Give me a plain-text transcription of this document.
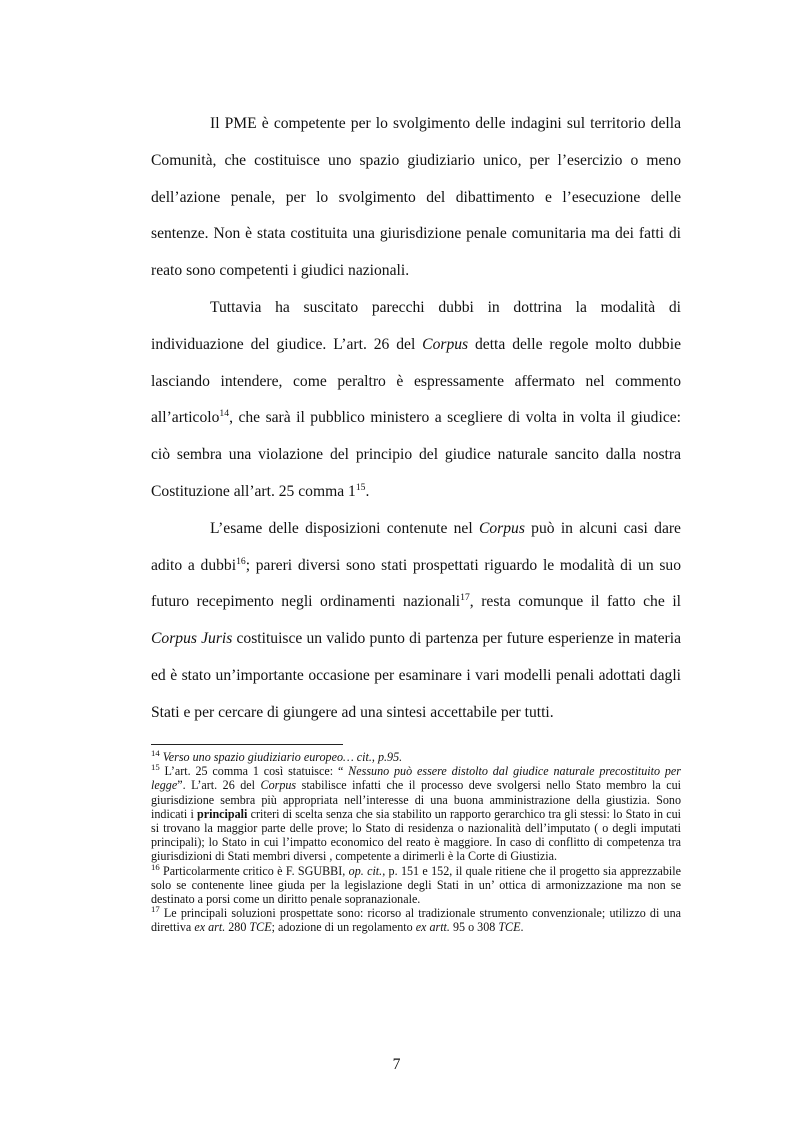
Il PME è competente per lo svolgimento delle indagini sul territorio della Comunità, che costituisce uno spazio giudiziario unico, per l’esercizio o meno dell’azione penale, per lo svolgimento del dibattimento e l’esecuzione delle sentenze. Non è stata costituita una giurisdizione penale comunitaria ma dei fatti di reato sono competenti i giudici nazionali.

Tuttavia ha suscitato parecchi dubbi in dottrina la modalità di individuazione del giudice. L’art. 26 del Corpus detta delle regole molto dubbie lasciando intendere, come peraltro è espressamente affermato nel commento all’articolo$^{14}$, che sarà il pubblico ministero a scegliere di volta in volta il giudice: ciò sembra una violazione del principio del giudice naturale sancito dalla nostra Costituzione all’art. 25 comma $1^{15}$.

L’esame delle disposizioni contenute nel Corpus può in alcuni casi dare adito a dubbi$^{16}$; pareri diversi sono stati prospettati riguardo le modalità di un suo futuro recepimento negli ordinamenti nazionali$^{17}$, resta comunque il fatto che il Corpus Juris costituisce un valido punto di partenza per future esperienze in materia ed è stato un’importante occasione per esaminare i vari modelli penali adottati dagli Stati e per cercare di giungere ad una sintesi accettabile per tutti.

$^{14}$ Verso uno spazio giudiziario europeo… cit., p.95.

$^{15}$ L’art. 25 comma 1 così statuisce: “ Nessuno può essere distolto dal giudice naturale precostituito per legge”. L’art. 26 del Corpus stabilisce infatti che il processo deve svolgersi nello Stato membro la cui giurisdizione sembra più appropriata nell’interesse di una buona amministrazione della giustizia. Sono indicati i principali criteri di scelta senza che sia stabilito un rapporto gerarchico tra gli stessi: lo Stato in cui si trovano la maggior parte delle prove; lo Stato di residenza o nazionalità dell’imputato ( o degli imputati principali); lo Stato in cui l’impatto economico del reato è maggiore. In caso di conflitto di competenza tra giurisdizioni di Stati membri diversi , competente a dirimerli è la Corte di Giustizia.

$^{16}$ Particolarmente critico è F. SGUBBI, op. cit., p. 151 e 152, il quale ritiene che il progetto sia apprezzabile solo se contenente linee giuda per la legislazione degli Stati in un’ ottica di armonizzazione ma non se destinato a porsi come un diritto penale sopranazionale.

$^{17}$ Le principali soluzioni prospettate sono: ricorso al tradizionale strumento convenzionale; utilizzo di una direttiva ex art. 280 TCE; adozione di un regolamento ex artt. 95 o 308 TCE.

7
